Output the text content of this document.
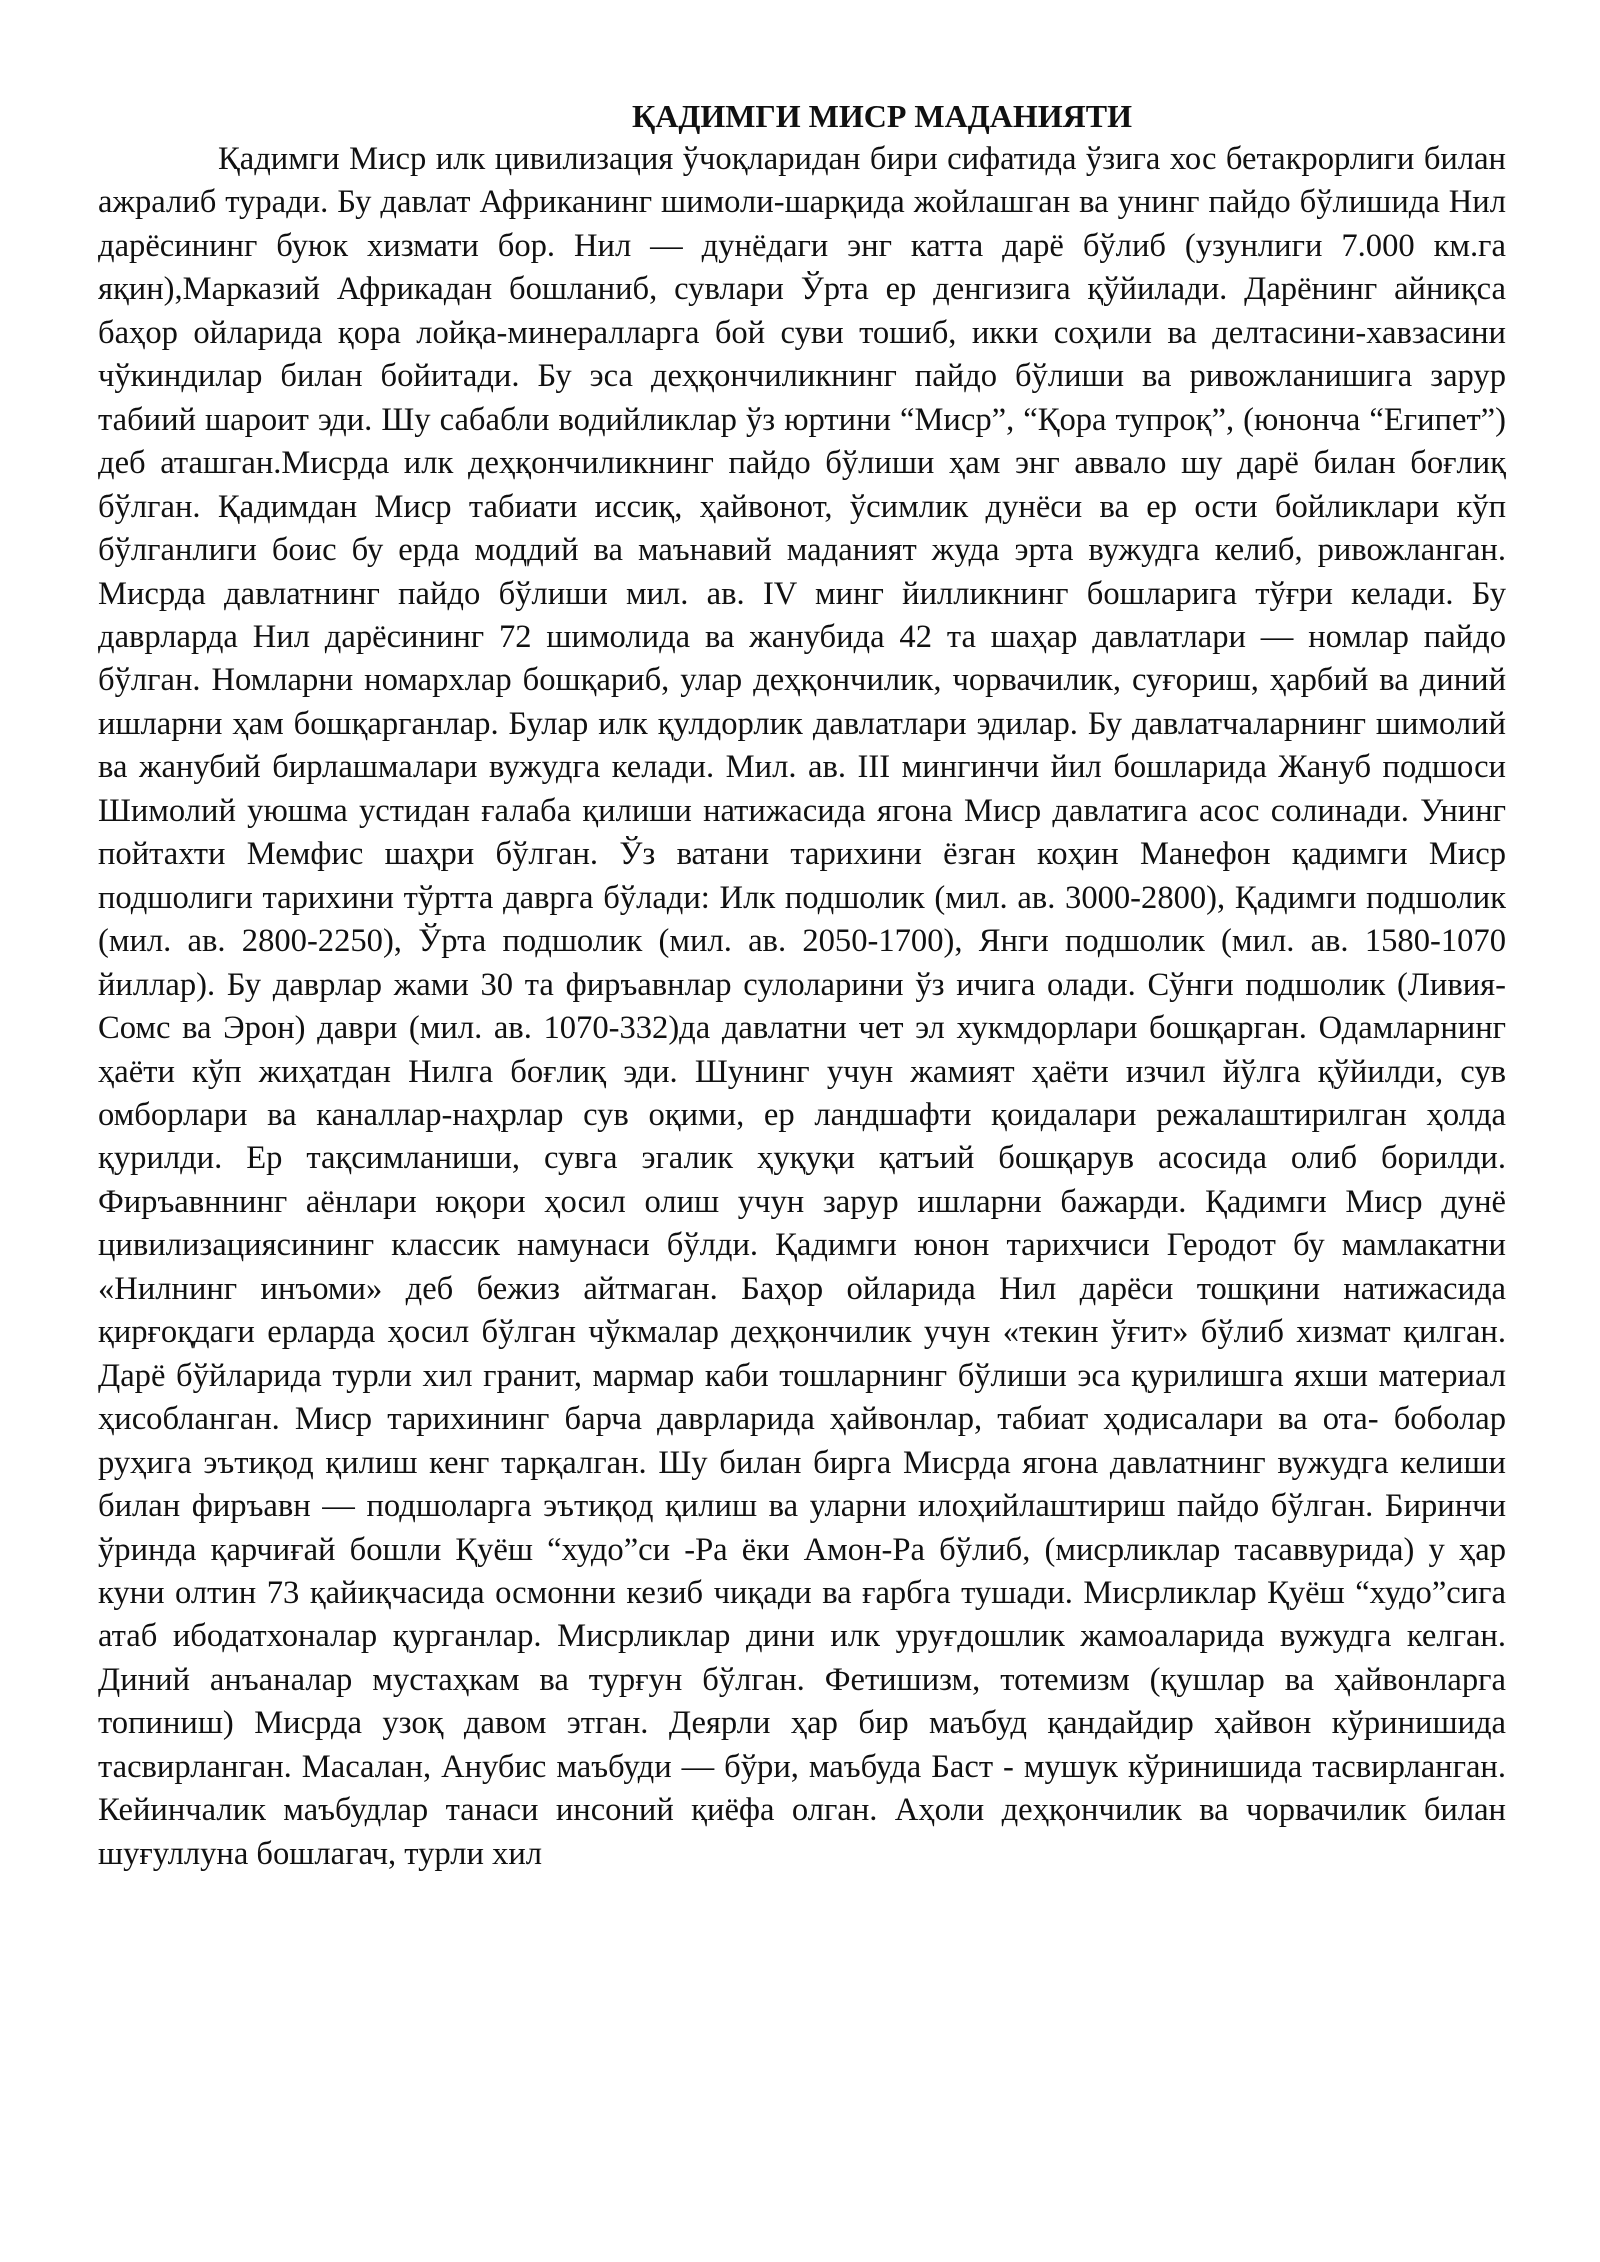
ҚАДИМГИ МИСР МАДАНИЯТИ

Қадимги Миср илк цивилизация ўчоқларидан бири сифатида ўзига хос бетакрорлиги билан ажралиб туради. Бу давлат Африканинг шимоли-шарқида жойлашган ва унинг пайдо бўлишида Нил дарёсининг буюк хизмати бор. Нил — дунёдаги энг катта дарё бўлиб (узунлиги 7.000 км.га яқин),Марказий Африкадан бошланиб, сувлари Ўрта ер денгизига қўйилади. Дарёнинг айниқса баҳор ойларида қора лойқа-минералларга бой суви тошиб, икки соҳили ва делтасини-хавзасини чўкиндилар билан бойитади. Бу эса деҳқончиликнинг пайдо бўлиши ва ривожланишига зарур табиий шароит эди. Шу сабабли водийликлар ўз юртини “Миср”, “Қора тупроқ”, (юнонча “Египет”) деб аташган.Мисрда илк деҳқончиликнинг пайдо бўлиши ҳам энг аввало шу дарё билан боғлиқ бўлган. Қадимдан Миср табиати иссиқ, ҳайвонот, ўсимлик дунёси ва ер ости бойликлари кўп бўлганлиги боис бу ерда моддий ва маънавий маданият жуда эрта вужудга келиб, ривожланган. Мисрда давлатнинг пайдо бўлиши мил. ав. IV минг йилликнинг бошларига тўғри келади. Бу даврларда Нил дарёсининг 72 шимолида ва жанубида 42 та шаҳар давлатлари — номлар пайдо бўлган. Номларни номархлар бошқариб, улар деҳқончилик, чорвачилик, суғориш, ҳарбий ва диний ишларни ҳам бошқарганлар. Булар илк қулдорлик давлатлари эдилар. Бу давлатчаларнинг шимолий ва жанубий бирлашмалари вужудга келади. Мил. ав. III мингинчи йил бошларида Жануб подшоси Шимолий уюшма устидан ғалаба қилиши натижасида ягона Миср давлатига асос солинади. Унинг пойтахти Мемфис шаҳри бўлган. Ўз ватани тарихини ёзган коҳин Манефон қадимги Миср подшолиги тарихини тўртта даврга бўлади: Илк подшолик (мил. ав. 3000-2800), Қадимги подшолик (мил. ав. 2800-2250), Ўрта подшолик (мил. ав. 2050-1700), Янги подшолик (мил. ав. 1580-1070 йиллар). Бу даврлар жами 30 та фиръавнлар сулоларини ўз ичига олади. Сўнги подшолик (Ливия-Сомс ва Эрон) даври (мил. ав. 1070-332)да давлатни чет эл хукмдорлари бошқарган. Одамларнинг ҳаёти кўп жиҳатдан Нилга боғлиқ эди. Шунинг учун жамият ҳаёти изчил йўлга қўйилди, сув омборлари ва каналлар-наҳрлар сув оқими, ер ландшафти қоидалари режалаштирилган ҳолда қурилди. Ер тақсимланиши, сувга эгалик ҳуқуқи қатъий бошқарув асосида олиб борилди. Фиръавннинг аёнлари юқори ҳосил олиш учун зарур ишларни бажарди. Қадимги Миср дунё цивилизациясининг классик намунаси бўлди. Қадимги юнон тарихчиси Геродот бу мамлакатни «Нилнинг инъоми» деб бежиз айтмаган. Баҳор ойларида Нил дарёси тошқини натижасида қирғоқдаги ерларда ҳосил бўлган чўкмалар деҳқончилик учун «текин ўғит» бўлиб хизмат қилган. Дарё бўйларида турли хил гранит, мармар каби тошларнинг бўлиши эса қурилишга яхши материал ҳисобланган. Миср тарихининг барча даврларида ҳайвонлар, табиат ҳодисалари ва ота- боболар руҳига эътиқод қилиш кенг тарқалган. Шу билан бирга Мисрда ягона давлатнинг вужудга келиши билан фиръавн — подшоларга эътиқод қилиш ва уларни илоҳийлаштириш пайдо бўлган. Биринчи ўринда қарчиғай бошли Қуёш “худо”си -Ра ёки Амон-Ра бўлиб, (мисрликлар тасаввурида) у ҳар куни олтин 73 қайиқчасида осмонни кезиб чиқади ва ғарбга тушади. Мисрликлар Қуёш “худо”сига атаб ибодатхоналар қурганлар. Мисрликлар дини илк уруғдошлик жамоаларида вужудга келган. Диний анъаналар мустаҳкам ва турғун бўлган. Фетишизм, тотемизм (қушлар ва ҳайвонларга топиниш) Мисрда узоқ давом этган. Деярли ҳар бир маъбуд қандайдир ҳайвон кўринишида тасвирланган. Масалан, Анубис маъбуди — бўри, маъбуда Баст - мушук кўринишида тасвирланган. Кейинчалик маъбудлар танаси инсоний қиёфа олган. Аҳоли деҳқончилик ва чорвачилик билан шуғуллуна бошлагач, турли хил
